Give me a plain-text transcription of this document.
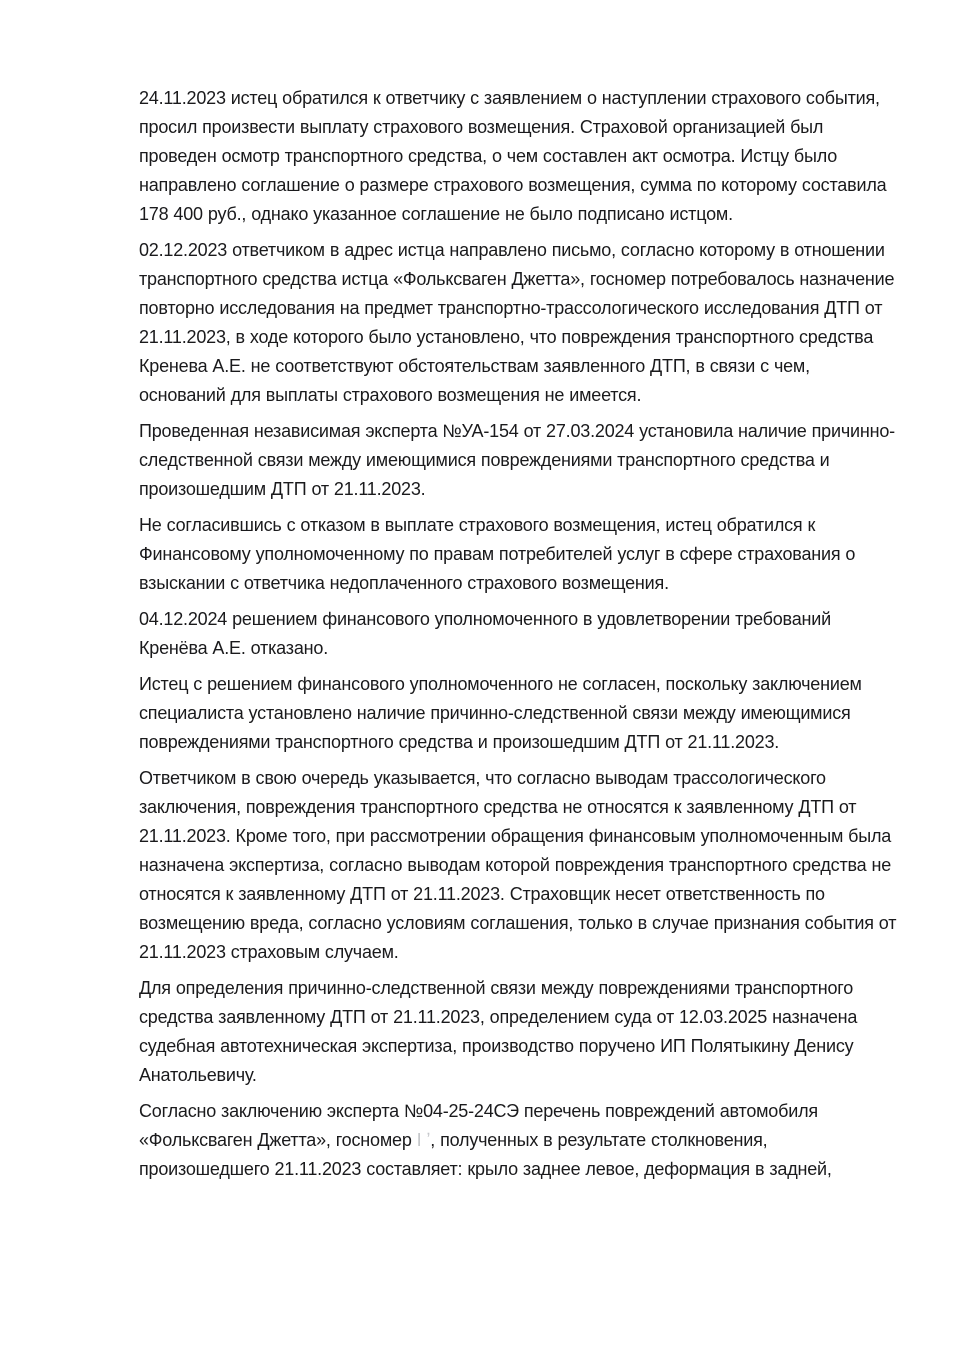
24.11.2023 истец обратился к ответчику с заявлением о наступлении страхового события, просил произвести выплату страхового возмещения. Страховой организацией был проведен осмотр транспортного средства, о чем составлен акт осмотра. Истцу было направлено соглашение о размере страхового возмещения, сумма по которому составила 178 400 руб., однако указанное соглашение не было подписано истцом.

02.12.2023 ответчиком в адрес истца направлено письмо, согласно которому в отношении транспортного средства истца «Фольксваген Джетта», госномер потребовалось назначение повторно исследования на предмет транспортно-трассологического исследования ДТП от 21.11.2023, в ходе которого было установлено, что повреждения транспортного средства Кренева А.Е. не соответствуют обстоятельствам заявленного ДТП, в связи с чем, оснований для выплаты страхового возмещения не имеется.

Проведенная независимая эксперта №УА-154 от 27.03.2024 установила наличие причинно-следственной связи между имеющимися повреждениями транспортного средства и произошедшим ДТП от 21.11.2023.

Не согласившись с отказом в выплате страхового возмещения, истец обратился к Финансовому уполномоченному по правам потребителей услуг в сфере страхования о взыскании с ответчика недоплаченного страхового возмещения.

04.12.2024 решением финансового уполномоченного в удовлетворении требований Кренёва А.Е. отказано.

Истец с решением финансового уполномоченного не согласен, поскольку заключением специалиста установлено наличие причинно-следственной связи между имеющимися повреждениями транспортного средства и произошедшим ДТП от 21.11.2023.

Ответчиком в свою очередь указывается, что согласно выводам трассологического заключения, повреждения транспортного средства не относятся к заявленному ДТП от 21.11.2023. Кроме того, при рассмотрении обращения финансовым уполномоченным была назначена экспертиза, согласно выводам которой повреждения транспортного средства не относятся к заявленному ДТП от 21.11.2023. Страховщик несет ответственность по возмещению вреда, согласно условиям соглашения, только в случае признания события от 21.11.2023 страховым случаем.

Для определения причинно-следственной связи между повреждениями транспортного средства заявленному ДТП от 21.11.2023, определением суда от 12.03.2025 назначена судебная автотехническая экспертиза, производство поручено ИП Полятыкину Денису Анатольевичу.

Согласно заключению эксперта №04-25-24СЭ перечень повреждений автомобиля «Фольксваген Джетта», госномер І ʼ, полученных в результате столкновения, произошедшего 21.11.2023 составляет: крыло заднее левое, деформация в задней,
